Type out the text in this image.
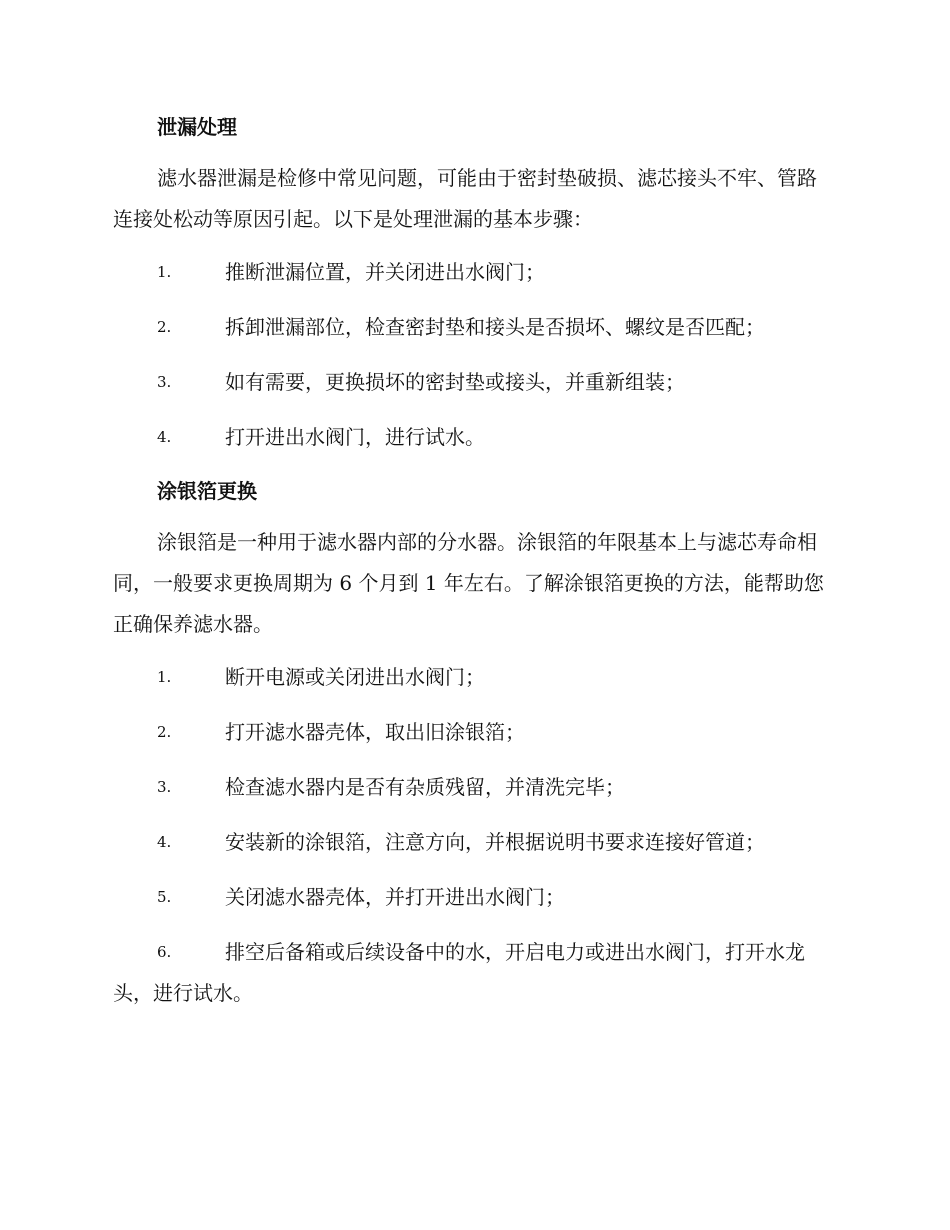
泄漏处理

滤水器泄漏是检修中常见问题，可能由于密封垫破损、滤芯接头不牢、管路连接处松动等原因引起。以下是处理泄漏的基本步骤：

1.	推断泄漏位置，并关闭进出水阀门；
2.	拆卸泄漏部位，检查密封垫和接头是否损坏、螺纹是否匹配；
3.	如有需要，更换损坏的密封垫或接头，并重新组装；
4.	打开进出水阀门，进行试水。
涂银箔更换

涂银箔是一种用于滤水器内部的分水器。涂银箔的年限基本上与滤芯寿命相同，一般要求更换周期为 6 个月到 1 年左右。了解涂银箔更换的方法，能帮助您正确保养滤水器。

1.	断开电源或关闭进出水阀门；
2.	打开滤水器壳体，取出旧涂银箔；
3.	检查滤水器内是否有杂质残留，并清洗完毕；
4.	安装新的涂银箔，注意方向，并根据说明书要求连接好管道；
5.	关闭滤水器壳体，并打开进出水阀门；
6.	排空后备箱或后续设备中的水，开启电力或进出水阀门，打开水龙头，进行试水。
